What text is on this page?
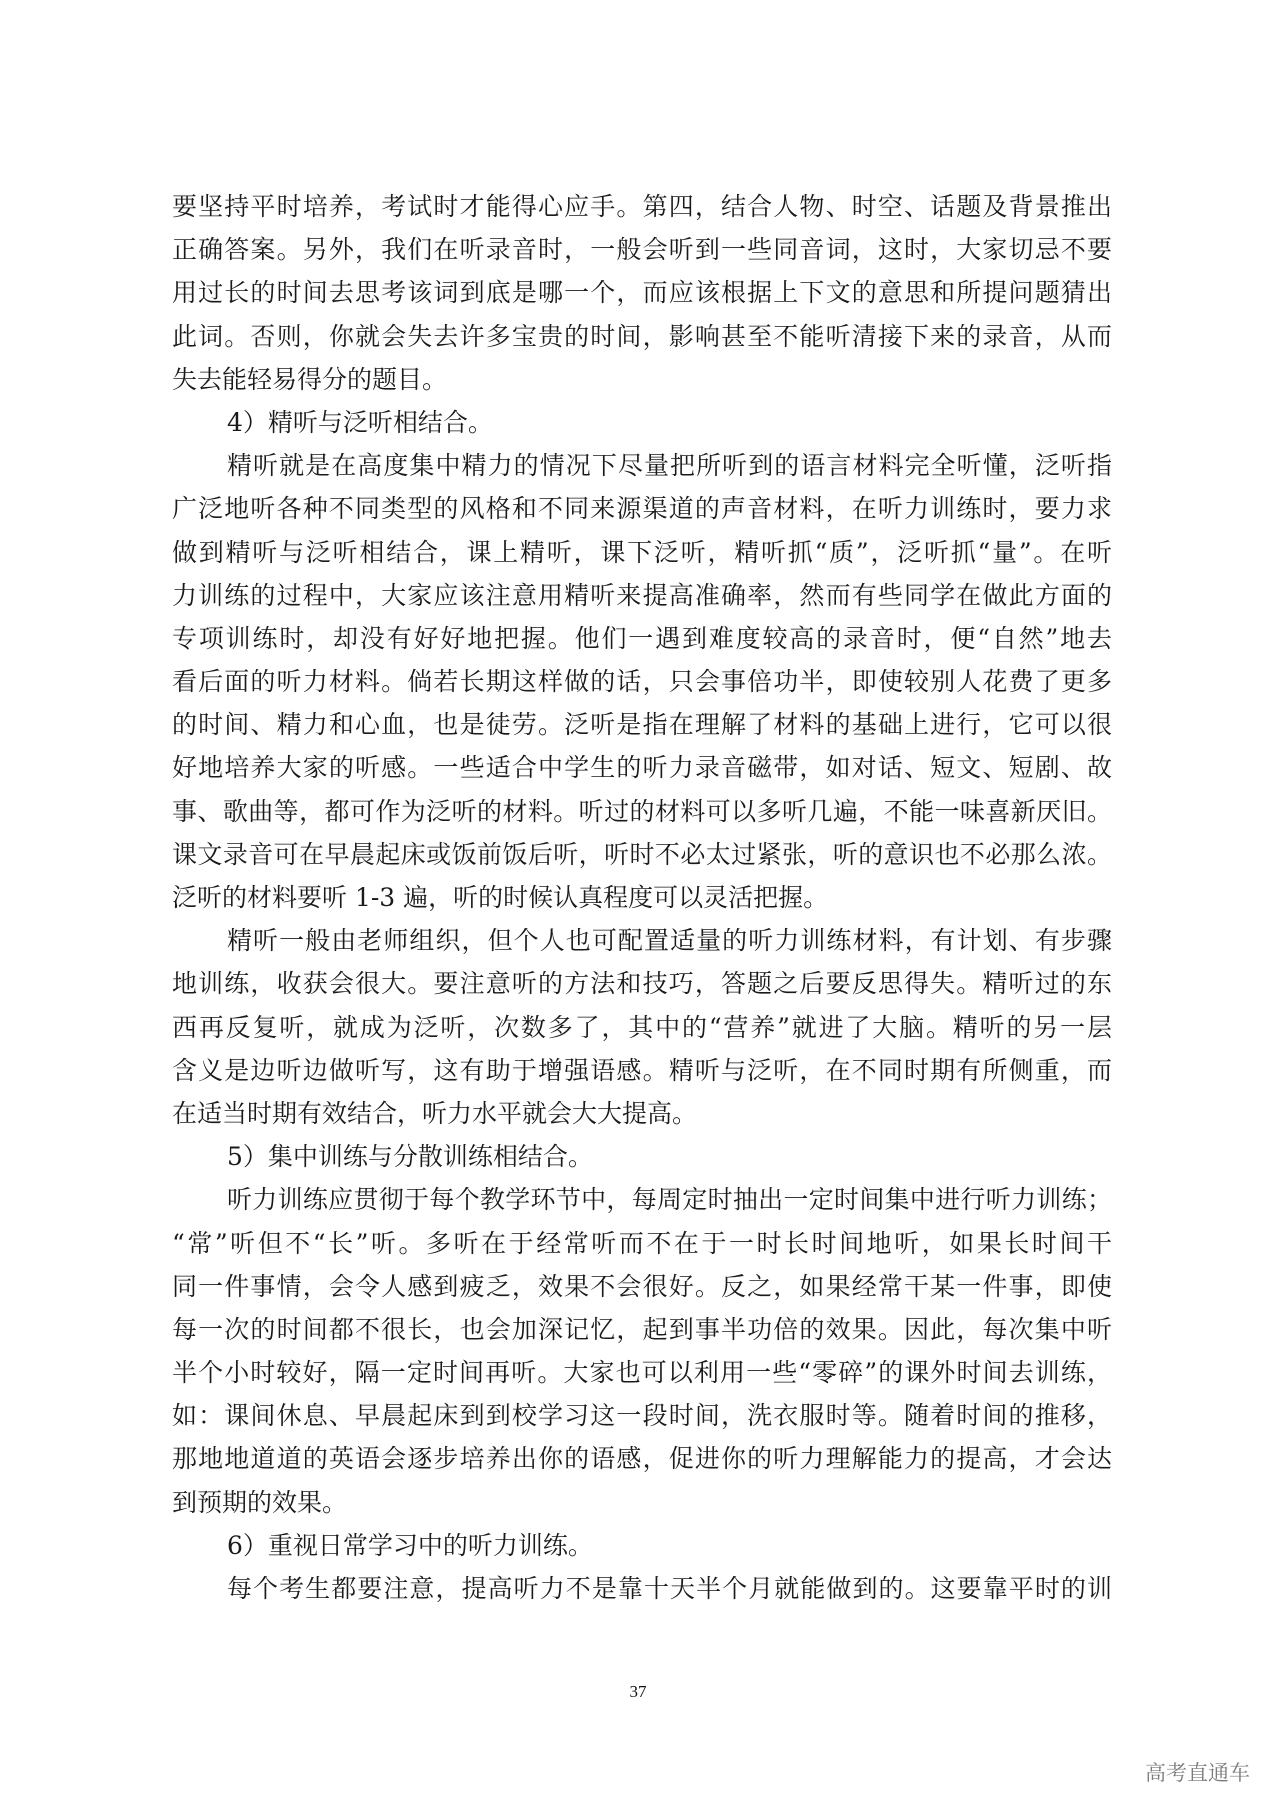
要坚持平时培养，考试时才能得心应手。第四，结合人物、时空、话题及背景推出
正确答案。另外，我们在听录音时，一般会听到一些同音词，这时，大家切忌不要
用过长的时间去思考该词到底是哪一个，而应该根据上下文的意思和所提问题猜出
此词。否则，你就会失去许多宝贵的时间，影响甚至不能听清接下来的录音，从而
失去能轻易得分的题目。
4）精听与泛听相结合。
精听就是在高度集中精力的情况下尽量把所听到的语言材料完全听懂，泛听指
广泛地听各种不同类型的风格和不同来源渠道的声音材料，在听力训练时，要力求
做到精听与泛听相结合，课上精听，课下泛听，精听抓“质”，泛听抓“量”。在听
力训练的过程中，大家应该注意用精听来提高准确率，然而有些同学在做此方面的
专项训练时，却没有好好地把握。他们一遇到难度较高的录音时，便“自然”地去
看后面的听力材料。倘若长期这样做的话，只会事倍功半，即使较别人花费了更多
的时间、精力和心血，也是徒劳。泛听是指在理解了材料的基础上进行，它可以很
好地培养大家的听感。一些适合中学生的听力录音磁带，如对话、短文、短剧、故
事、歌曲等，都可作为泛听的材料。听过的材料可以多听几遍，不能一味喜新厌旧。
课文录音可在早晨起床或饭前饭后听，听时不必太过紧张，听的意识也不必那么浓。
泛听的材料要听 1-3 遍，听的时候认真程度可以灵活把握。
精听一般由老师组织，但个人也可配置适量的听力训练材料，有计划、有步骤
地训练，收获会很大。要注意听的方法和技巧，答题之后要反思得失。精听过的东
西再反复听，就成为泛听，次数多了，其中的“营养”就进了大脑。精听的另一层
含义是边听边做听写，这有助于增强语感。精听与泛听，在不同时期有所侧重，而
在适当时期有效结合，听力水平就会大大提高。
5）集中训练与分散训练相结合。
听力训练应贯彻于每个教学环节中，每周定时抽出一定时间集中进行听力训练；
“常”听但不“长”听。多听在于经常听而不在于一时长时间地听，如果长时间干
同一件事情，会令人感到疲乏，效果不会很好。反之，如果经常干某一件事，即使
每一次的时间都不很长，也会加深记忆，起到事半功倍的效果。因此，每次集中听
半个小时较好，隔一定时间再听。大家也可以利用一些“零碎”的课外时间去训练，
如：课间休息、早晨起床到到校学习这一段时间，洗衣服时等。随着时间的推移，
那地地道道的英语会逐步培养出你的语感，促进你的听力理解能力的提高，才会达
到预期的效果。
6）重视日常学习中的听力训练。
每个考生都要注意，提高听力不是靠十天半个月就能做到的。这要靠平时的训
37
高考直通车
